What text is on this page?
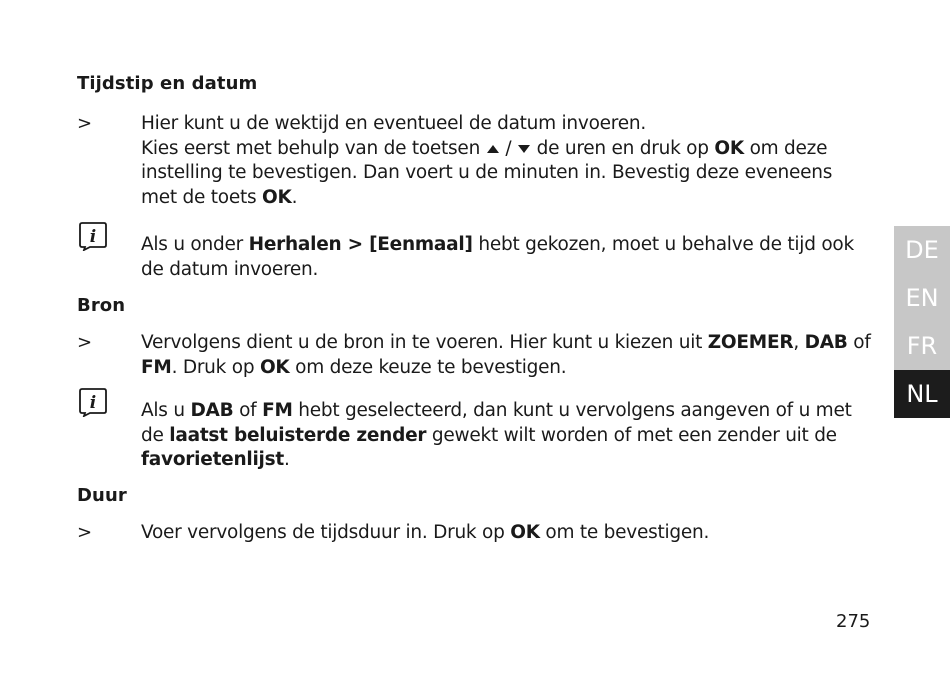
Tijdstip en datum
>	Hier kunt u de wektijd en eventueel de datum invoeren.
Kies eerst met behulp van de toetsen / de uren en druk op OK om deze instelling te bevestigen. Dan voert u de minuten in. Bevestig deze eveneens met de toets OK.
i Als u onder Herhalen > [Eenmaal] hebt gekozen, moet u behalve de tijd ook de datum invoeren.
Bron
>	Vervolgens dient u de bron in te voeren. Hier kunt u kiezen uit ZOEMER, DAB of FM. Druk op OK om deze keuze te bevestigen.
i Als u DAB of FM hebt geselecteerd, dan kunt u vervolgens aangeven of u met de laatst beluisterde zender gewekt wilt worden of met een zender uit de favorietenlijst.
Duur
>	Voer vervolgens de tijdsduur in. Druk op OK om te bevestigen.
DE
EN
FR
NL
275
